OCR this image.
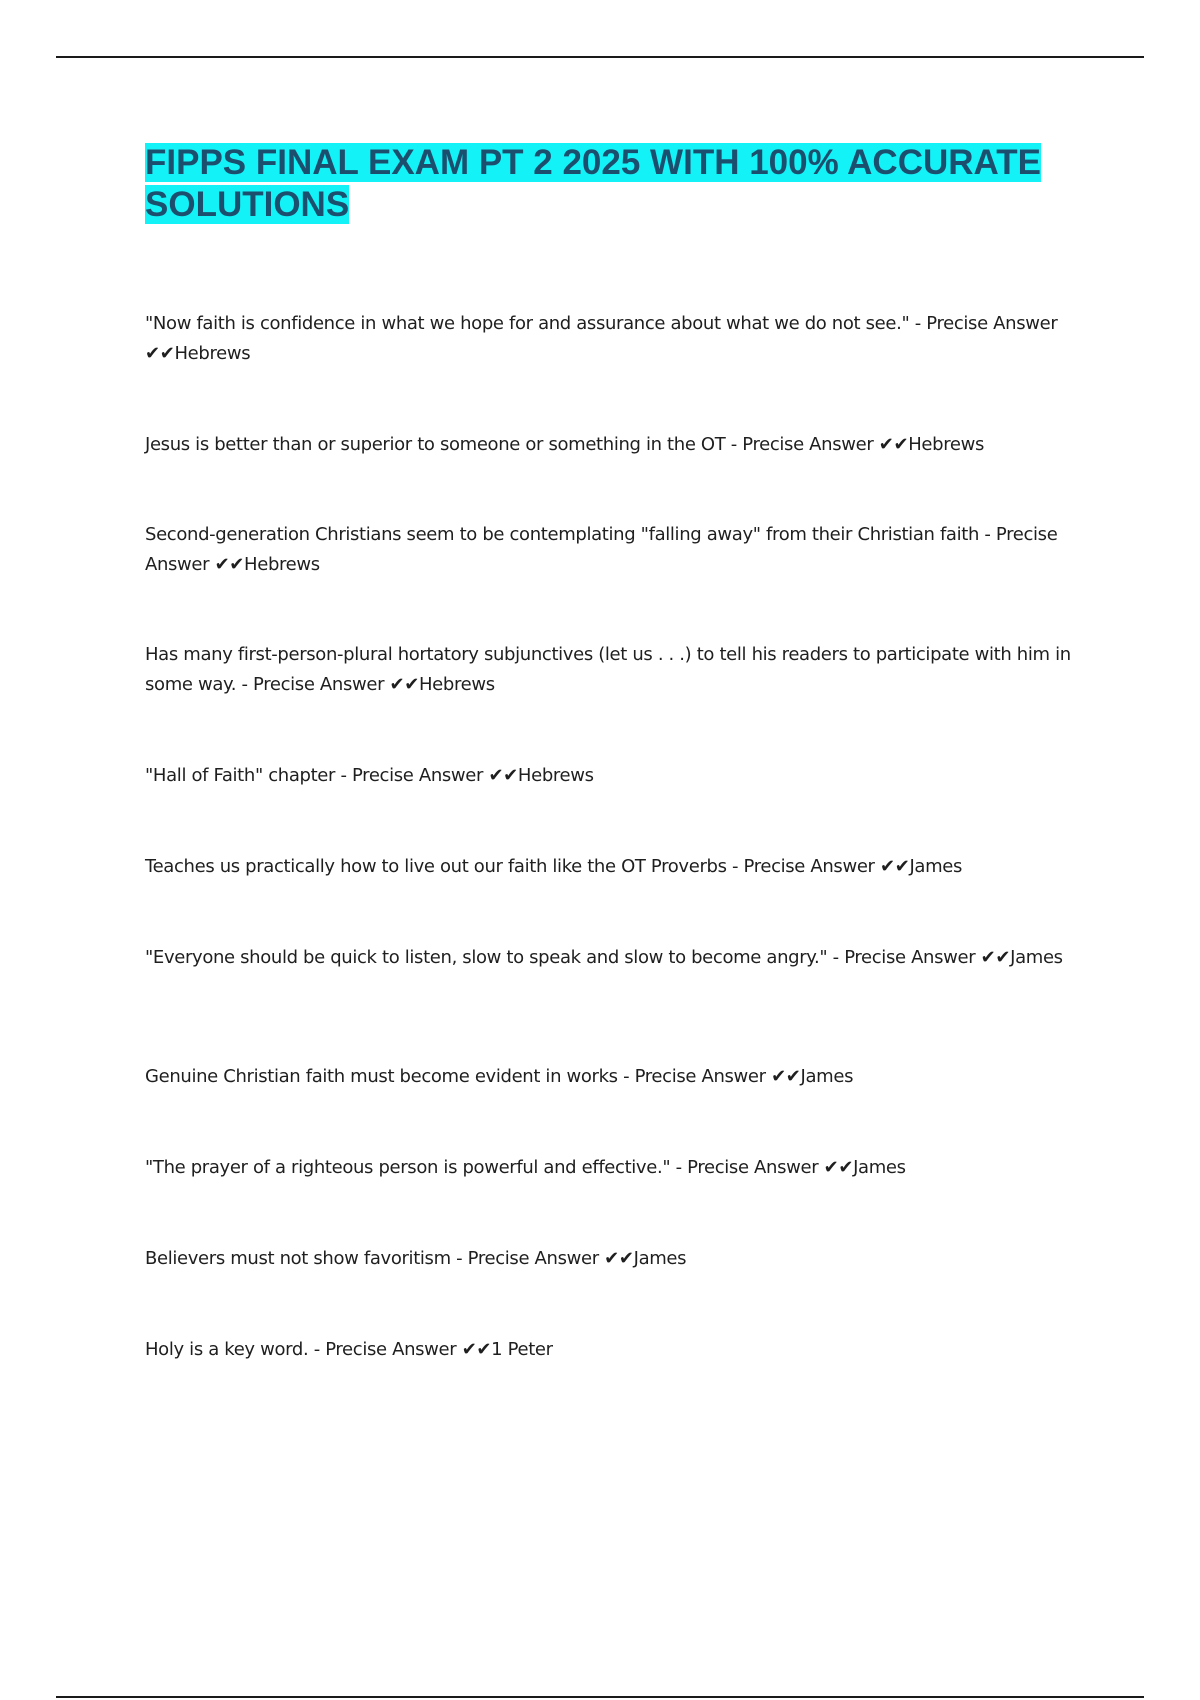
FIPPS FINAL EXAM PT 2 2025 WITH 100% ACCURATE SOLUTIONS

"Now faith is confidence in what we hope for and assurance about what we do not see." - Precise Answer ✔✔Hebrews

Jesus is better than or superior to someone or something in the OT - Precise Answer ✔✔Hebrews

Second-generation Christians seem to be contemplating "falling away" from their Christian faith - Precise Answer ✔✔Hebrews

Has many first-person-plural hortatory subjunctives (let us . . .) to tell his readers to participate with him in some way. - Precise Answer ✔✔Hebrews

"Hall of Faith" chapter - Precise Answer ✔✔Hebrews

Teaches us practically how to live out our faith like the OT Proverbs - Precise Answer ✔✔James

"Everyone should be quick to listen, slow to speak and slow to become angry." - Precise Answer ✔✔James

Genuine Christian faith must become evident in works - Precise Answer ✔✔James

"The prayer of a righteous person is powerful and effective." - Precise Answer ✔✔James

Believers must not show favoritism - Precise Answer ✔✔James

Holy is a key word. - Precise Answer ✔✔1 Peter
